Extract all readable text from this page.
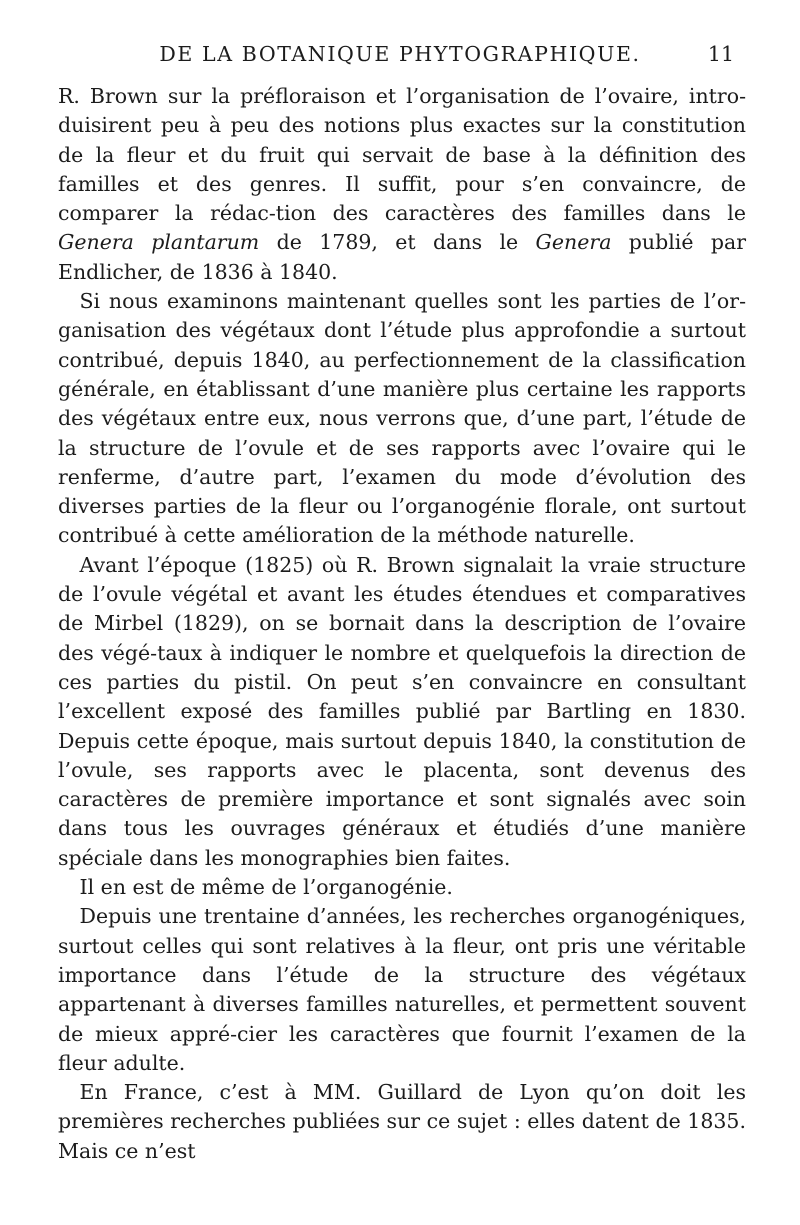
DE LA BOTANIQUE PHYTOGRAPHIQUE.	11

R. Brown sur la préfloraison et l’organisation de l’ovaire, intro-duisirent peu à peu des notions plus exactes sur la constitution de la fleur et du fruit qui servait de base à la définition des familles et des genres. Il suffit, pour s’en convaincre, de comparer la rédac-tion des caractères des familles dans le Genera plantarum de 1789, et dans le Genera publié par Endlicher, de 1836 à 1840.

Si nous examinons maintenant quelles sont les parties de l’or-ganisation des végétaux dont l’étude plus approfondie a surtout contribué, depuis 1840, au perfectionnement de la classification générale, en établissant d’une manière plus certaine les rapports des végétaux entre eux, nous verrons que, d’une part, l’étude de la structure de l’ovule et de ses rapports avec l’ovaire qui le renferme, d’autre part, l’examen du mode d’évolution des diverses parties de la fleur ou l’organogénie florale, ont surtout contribué à cette amélioration de la méthode naturelle.

Avant l’époque (1825) où R. Brown signalait la vraie structure de l’ovule végétal et avant les études étendues et comparatives de Mirbel (1829), on se bornait dans la description de l’ovaire des végé-taux à indiquer le nombre et quelquefois la direction de ces parties du pistil. On peut s’en convaincre en consultant l’excellent exposé des familles publié par Bartling en 1830. Depuis cette époque, mais surtout depuis 1840, la constitution de l’ovule, ses rapports avec le placenta, sont devenus des caractères de première importance et sont signalés avec soin dans tous les ouvrages généraux et étudiés d’une manière spéciale dans les monographies bien faites.

Il en est de même de l’organogénie.

Depuis une trentaine d’années, les recherches organogéniques, surtout celles qui sont relatives à la fleur, ont pris une véritable importance dans l’étude de la structure des végétaux appartenant à diverses familles naturelles, et permettent souvent de mieux appré-cier les caractères que fournit l’examen de la fleur adulte.

En France, c’est à MM. Guillard de Lyon qu’on doit les premières recherches publiées sur ce sujet : elles datent de 1835. Mais ce n’est
